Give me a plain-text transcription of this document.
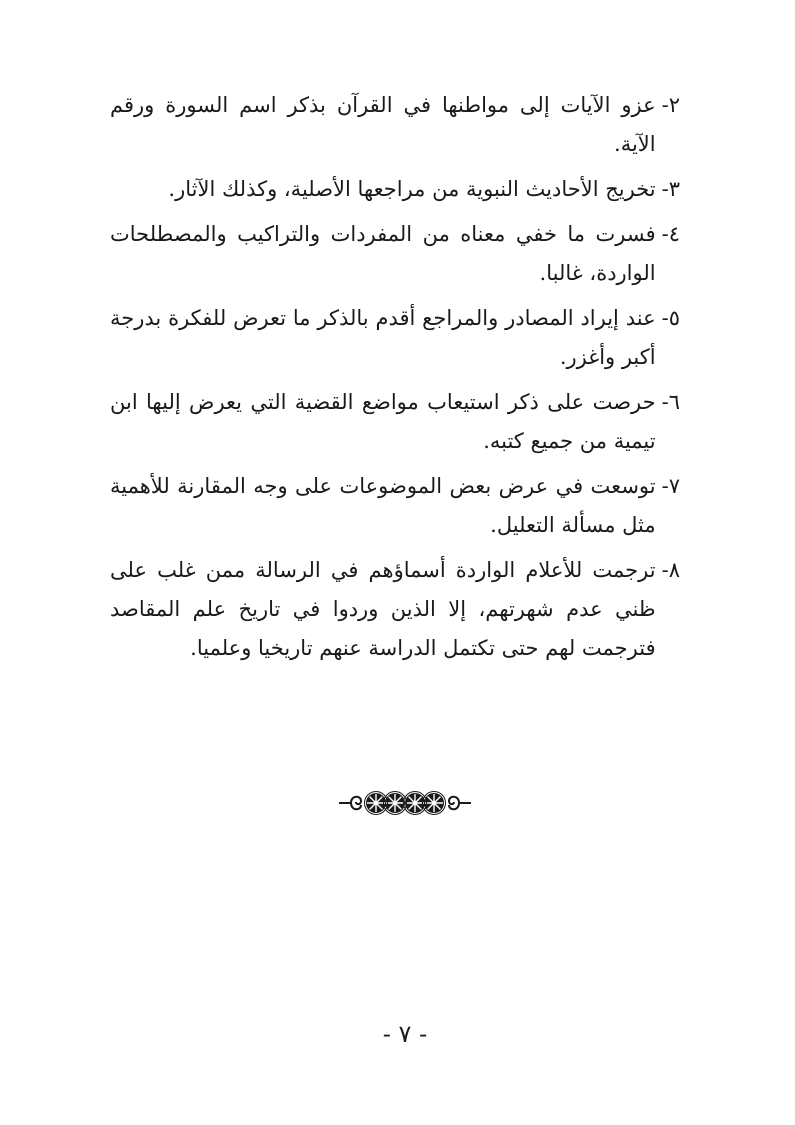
٢-
عزو الآيات إلى مواطنها في القرآن بذكر اسم السورة ورقم الآية.
٣-
تخريج الأحاديث النبوية من مراجعها الأصلية، وكذلك الآثار.
٤-
فسرت ما خفي معناه من المفردات والتراكيب والمصطلحات الواردة، غالبا.
٥-
عند إيراد المصادر والمراجع أقدم بالذكر ما تعرض للفكرة بدرجة أكبر وأغزر.
٦-
حرصت على ذكر استيعاب مواضع القضية التي يعرض إليها ابن تيمية من جميع كتبه.
٧-
توسعت في عرض بعض الموضوعات على وجه المقارنة للأهمية مثل مسألة التعليل.
٨-
ترجمت للأعلام الواردة أسماؤهم في الرسالة ممن غلب على ظني عدم شهرتهم، إلا الذين وردوا في تاريخ علم المقاصد فترجمت لهم حتى تكتمل الدراسة عنهم تاريخيا وعلميا.
- ٧ -
